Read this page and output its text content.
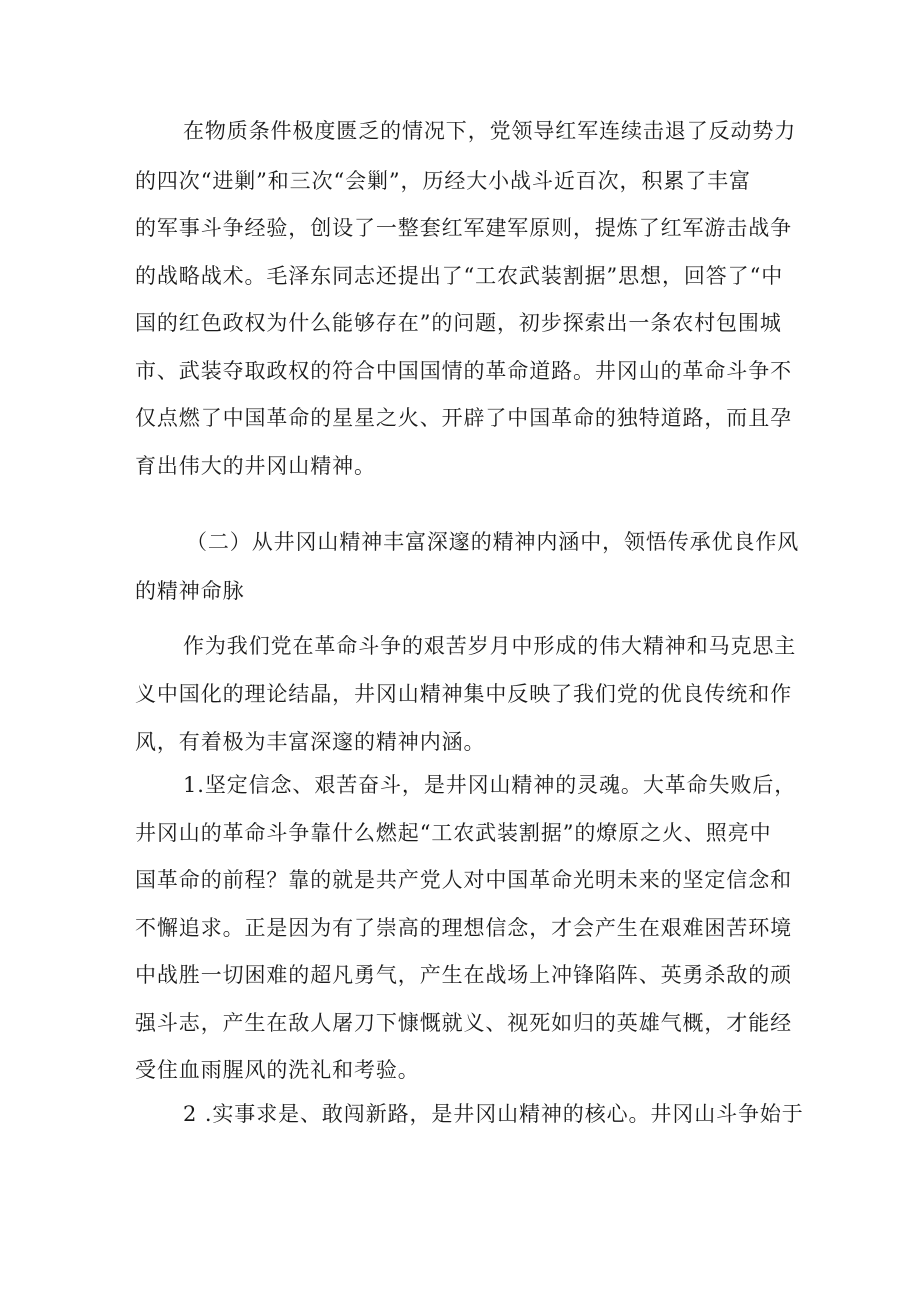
在物质条件极度匮乏的情况下，党领导红军连续击退了反动势力
的四次“进剿”和三次“会剿”，历经大小战斗近百次，积累了丰富
的军事斗争经验，创设了一整套红军建军原则，提炼了红军游击战争
的战略战术。毛泽东同志还提出了“工农武装割据”思想，回答了“中
国的红色政权为什么能够存在”的问题，初步探索出一条农村包围城
市、武装夺取政权的符合中国国情的革命道路。井冈山的革命斗争不
仅点燃了中国革命的星星之火、开辟了中国革命的独特道路，而且孕
育出伟大的井冈山精神。
（二）从井冈山精神丰富深邃的精神内涵中，领悟传承优良作风
的精神命脉
作为我们党在革命斗争的艰苦岁月中形成的伟大精神和马克思主
义中国化的理论结晶，井冈山精神集中反映了我们党的优良传统和作
风，有着极为丰富深邃的精神内涵。
1.坚定信念、艰苦奋斗，是井冈山精神的灵魂。大革命失败后，
井冈山的革命斗争靠什么燃起“工农武装割据”的燎原之火、照亮中
国革命的前程？靠的就是共产党人对中国革命光明未来的坚定信念和
不懈追求。正是因为有了崇高的理想信念，才会产生在艰难困苦环境
中战胜一切困难的超凡勇气，产生在战场上冲锋陷阵、英勇杀敌的顽
强斗志，产生在敌人屠刀下慷慨就义、视死如归的英雄气概，才能经
受住血雨腥风的洗礼和考验。
2 .实事求是、敢闯新路，是井冈山精神的核心。井冈山斗争始于
